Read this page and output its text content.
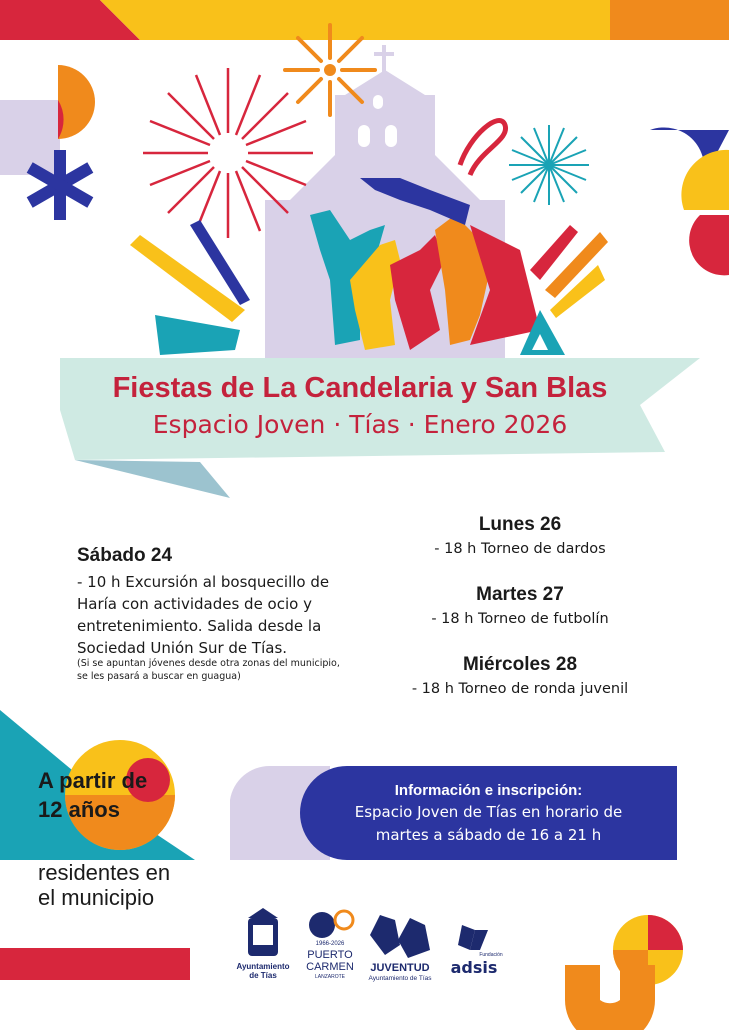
Fiestas de La Candelaria y San Blas
Espacio Joven · Tías · Enero 2026
Sábado 24
- 10 h Excursión al bosquecillo de
Haría con actividades de ocio y
entretenimiento. Salida desde la
Sociedad Unión Sur de Tías.
(Si se apuntan jóvenes desde otra zonas del municipio,
se les pasará a buscar en guagua)
Lunes 26
- 18 h Torneo de dardos
Martes 27
- 18 h Torneo de futbolín
Miércoles 28
- 18 h Torneo de ronda juvenil
A partir de
12 años
residentes en
el municipio
Información e inscripción:
Espacio Joven de Tías en horario de
martes a sábado de 16 a 21 h
Ayuntamiento
de Tías
1966-2026
PUERTO
CARMEN
LANZAROTE
JUVENTUD
Ayuntamiento de Tías
adsis
Fundación
